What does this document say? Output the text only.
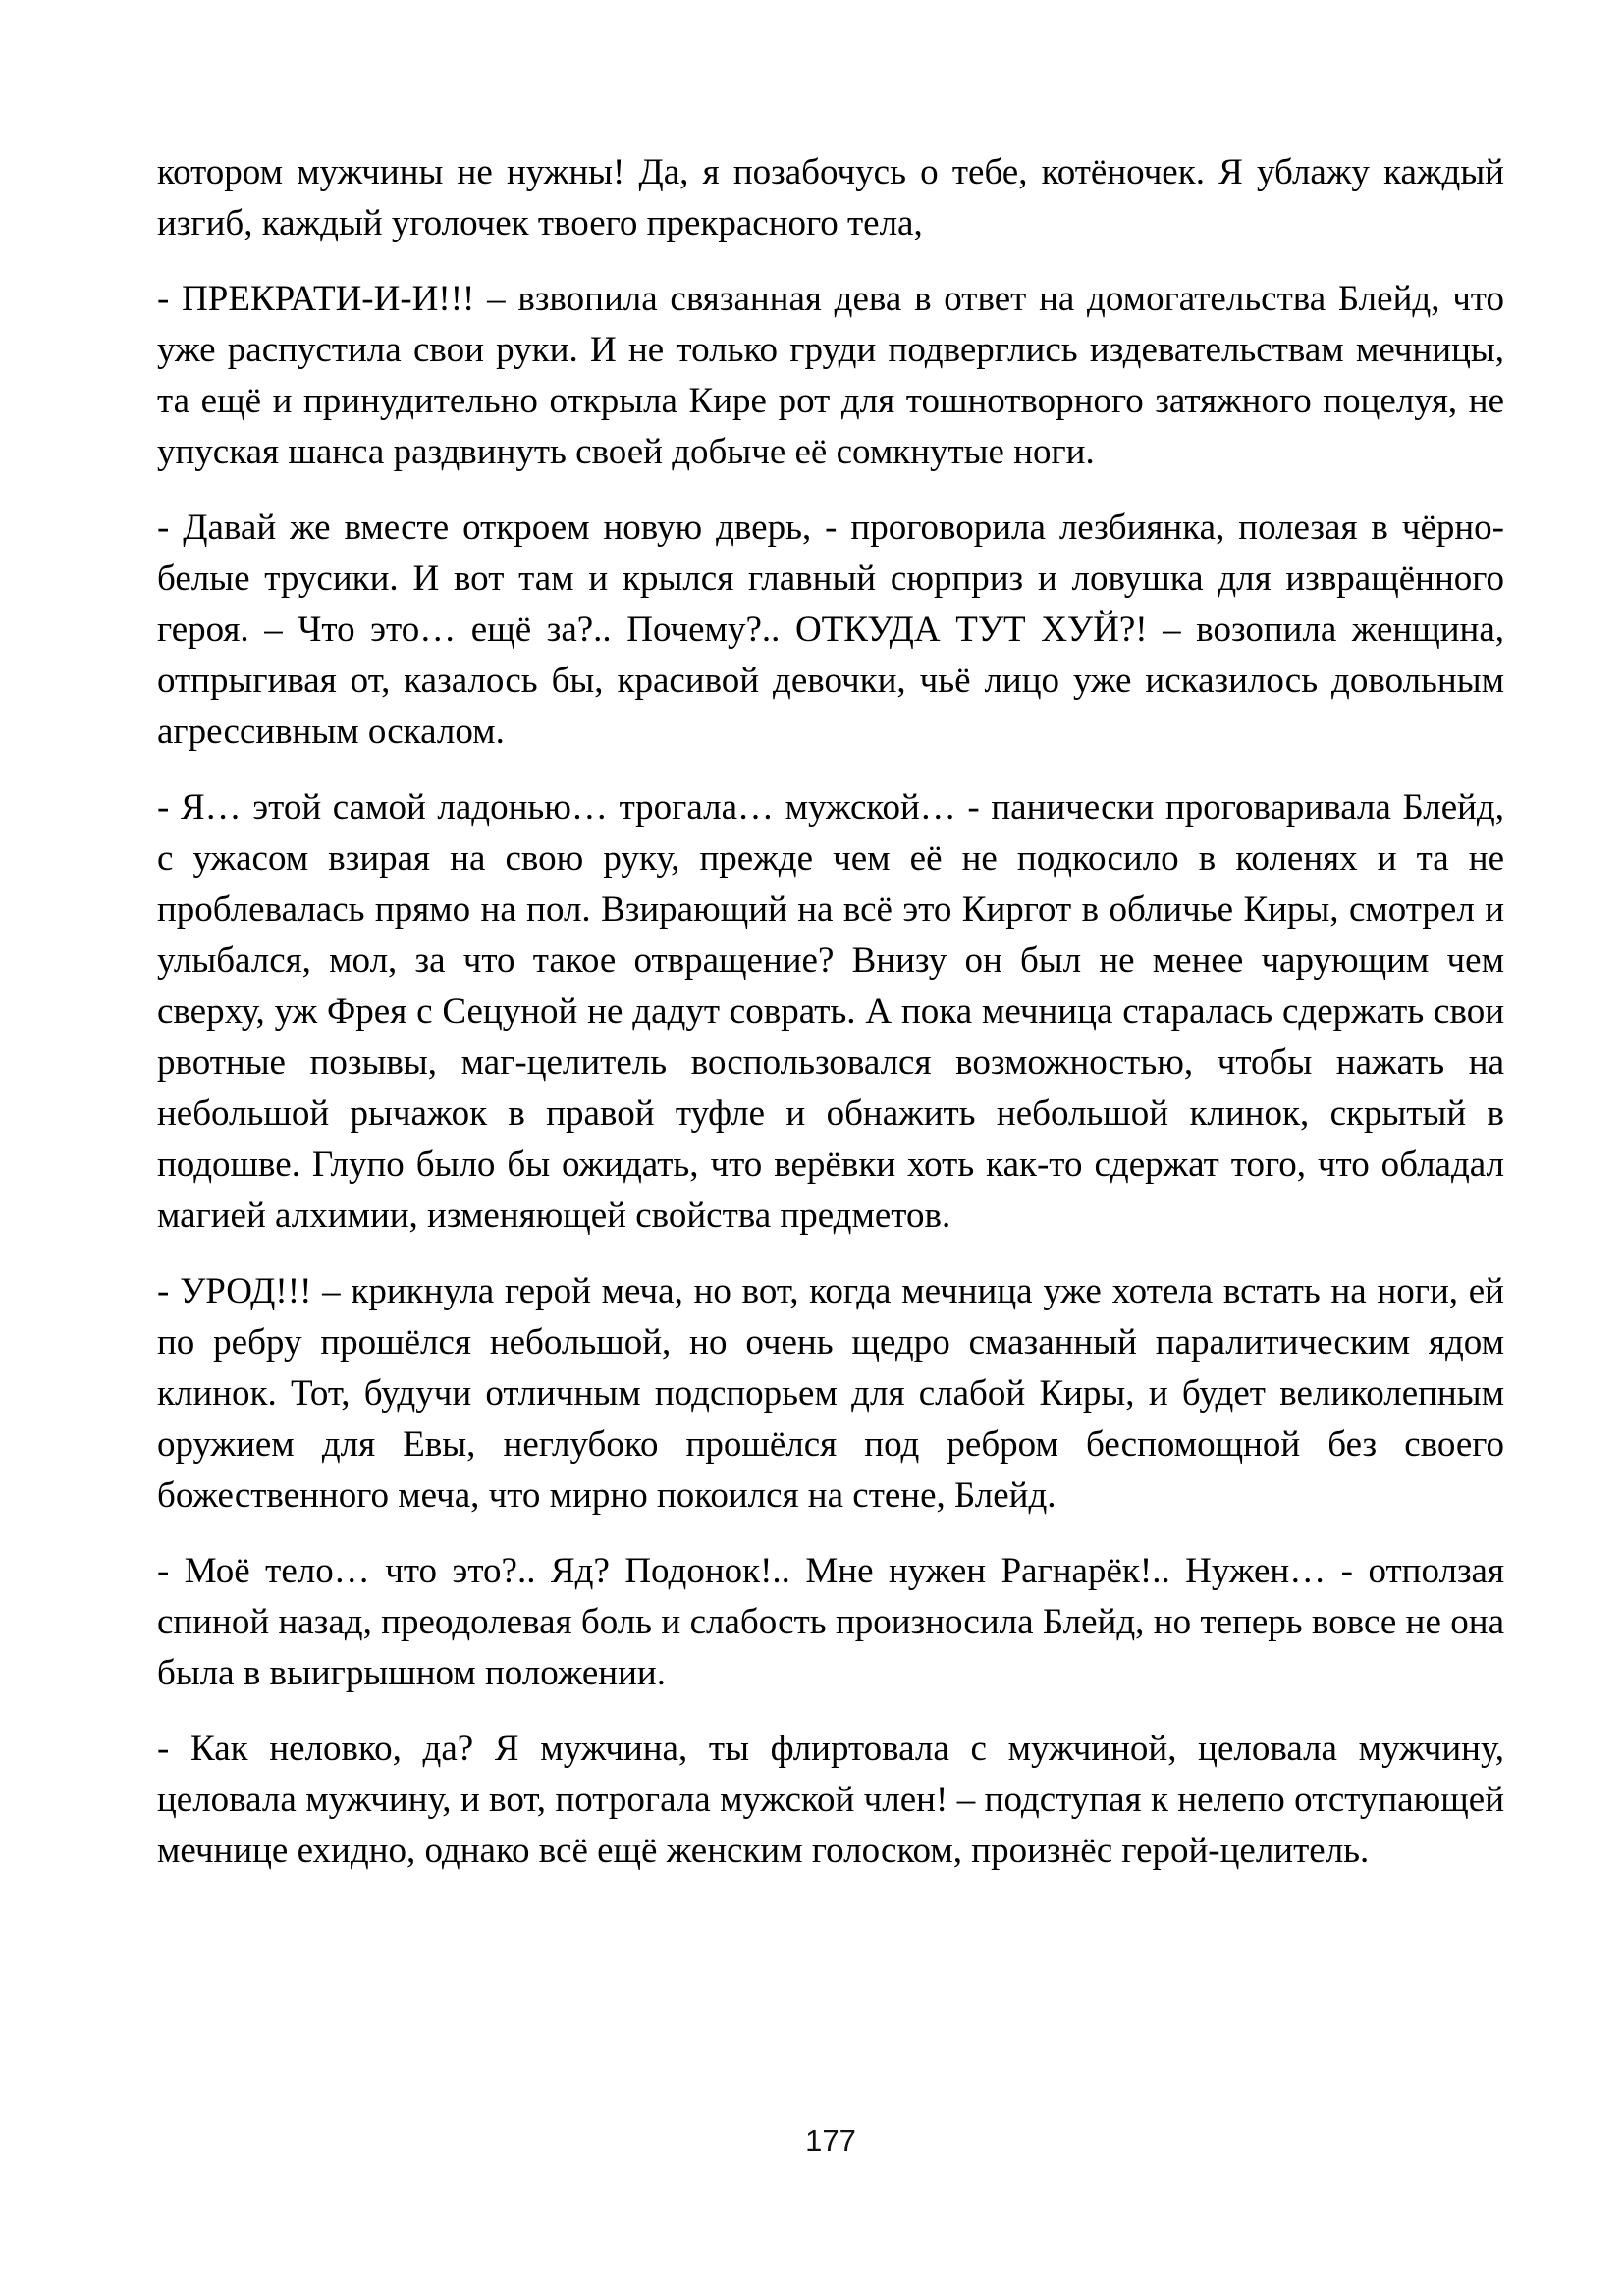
котором мужчины не нужны! Да, я позабочусь о тебе, котёночек. Я ублажу каждый изгиб, каждый уголочек твоего прекрасного тела,

- ПРЕКРАТИ-И-И!!! – взвопила связанная дева в ответ на домогательства Блейд, что уже распустила свои руки. И не только груди подверглись издевательствам мечницы, та ещё и принудительно открыла Кире рот для тошнотворного затяжного поцелуя, не упуская шанса раздвинуть своей добыче её сомкнутые ноги.

- Давай же вместе откроем новую дверь, - проговорила лезбиянка, полезая в чёрно-белые трусики. И вот там и крылся главный сюрприз и ловушка для извращённого героя. – Что это… ещё за?.. Почему?.. ОТКУДА ТУТ ХУЙ?! – возопила женщина, отпрыгивая от, казалось бы, красивой девочки, чьё лицо уже исказилось довольным агрессивным оскалом.

- Я… этой самой ладонью… трогала… мужской… - панически проговаривала Блейд, с ужасом взирая на свою руку, прежде чем её не подкосило в коленях и та не проблевалась прямо на пол. Взирающий на всё это Киргот в обличье Киры, смотрел и улыбался, мол, за что такое отвращение? Внизу он был не менее чарующим чем сверху, уж Фрея с Сецуной не дадут соврать. А пока мечница старалась сдержать свои рвотные позывы, маг-целитель воспользовался возможностью, чтобы нажать на небольшой рычажок в правой туфле и обнажить небольшой клинок, скрытый в подошве. Глупо было бы ожидать, что верёвки хоть как-то сдержат того, что обладал магией алхимии, изменяющей свойства предметов.

- УРОД!!! – крикнула герой меча, но вот, когда мечница уже хотела встать на ноги, ей по ребру прошёлся небольшой, но очень щедро смазанный паралитическим ядом клинок. Тот, будучи отличным подспорьем для слабой Киры, и будет великолепным оружием для Евы, неглубоко прошёлся под ребром беспомощной без своего божественного меча, что мирно покоился на стене, Блейд.

- Моё тело… что это?.. Яд? Подонок!.. Мне нужен Рагнарёк!.. Нужен… - отползая спиной назад, преодолевая боль и слабость произносила Блейд, но теперь вовсе не она была в выигрышном положении.

- Как неловко, да? Я мужчина, ты флиртовала с мужчиной, целовала мужчину, целовала мужчину, и вот, потрогала мужской член! – подступая к нелепо отступающей мечнице ехидно, однако всё ещё женским голоском, произнёс герой-целитель.

177
